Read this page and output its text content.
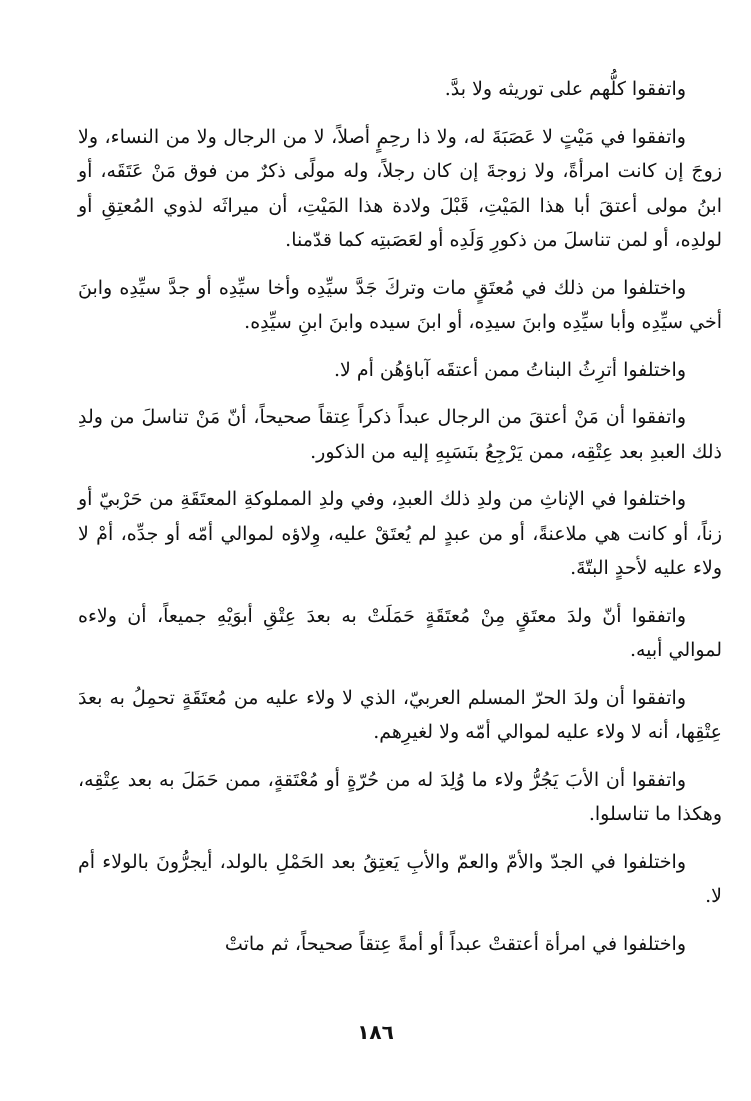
واتفقوا كلُّهم على توريثه ولا بدَّ.

واتفقوا في مَيْتٍ لا عَصَبَةَ له، ولا ذا رحِمٍ أصلاً، لا من الرجال ولا من النساء، ولا زوجَ إن كانت امرأةً، ولا زوجةَ إن كان رجلاً، وله مولًى ذكرٌ من فوق مَنْ عَتَقَه، أو ابنُ مولى أعتقَ أبا هذا المَيْتِ، قَبْلَ ولادة هذا المَيْتِ، أن ميراثَه لذوي المُعتِقِ أو لولدِه، أو لمن تناسلَ من ذكورِ وَلَدِه أو لعَصَبتِه كما قدّمنا.

واختلفوا من ذلك في مُعتَقٍ مات وتركَ جَدَّ سيِّدِه وأخا سيِّدِه أو جدَّ سيِّدِه وابنَ أخي سيِّدِه وأبا سيِّدِه وابنَ سيدِه، أو ابنَ سيده وابنَ ابنِ سيِّدِه.

واختلفوا أترِثُ البناتُ ممن أعتقَه آباؤهُن أم لا.

واتفقوا أن مَنْ أعتقَ من الرجال عبداً ذكراً عِتقاً صحيحاً، أنّ مَنْ تناسلَ من ولدِ ذلك العبدِ بعد عِتْقِه، ممن يَرْجِعُ بنَسَبِهِ إليه من الذكور.

واختلفوا في الإناثِ من ولدِ ذلك العبدِ، وفي ولدِ المملوكةِ المعتَقَةِ من حَرْبيّ أو زناً، أو كانت هي ملاعنةً، أو من عبدٍ لم يُعتَقْ عليه، وِلاؤه لموالي أمّه أو جدِّه، أمْ لا ولاء عليه لأحدٍ البتّةَ.

واتفقوا أنّ ولدَ معتَقٍ مِنْ مُعتَقَةٍ حَمَلَتْ به بعدَ عِتْقِ أبوَيْهِ جميعاً، أن ولاءه لموالي أبيه.

واتفقوا أن ولدَ الحرّ المسلم العربيّ، الذي لا ولاء عليه من مُعتَقَةٍ تحمِلُ به بعدَ عِتْقِها، أنه لا ولاء عليه لموالي أمّه ولا لغيرِهم.

واتفقوا أن الأبَ يَجُرُّ ولاء ما وُلِدَ له من حُرّةٍ أو مُعْتَقةٍ، ممن حَمَلَ به بعد عِتْقِه، وهكذا ما تناسلوا.

واختلفوا في الجدّ والأمّ والعمّ والأبِ يَعتِقُ بعد الحَمْلِ بالولد، أيجرُّونَ بالولاء أم لا.

واختلفوا في امرأة أعتقتْ عبداً أو أمةً عِتقاً صحيحاً، ثم ماتتْ

١٨٦
